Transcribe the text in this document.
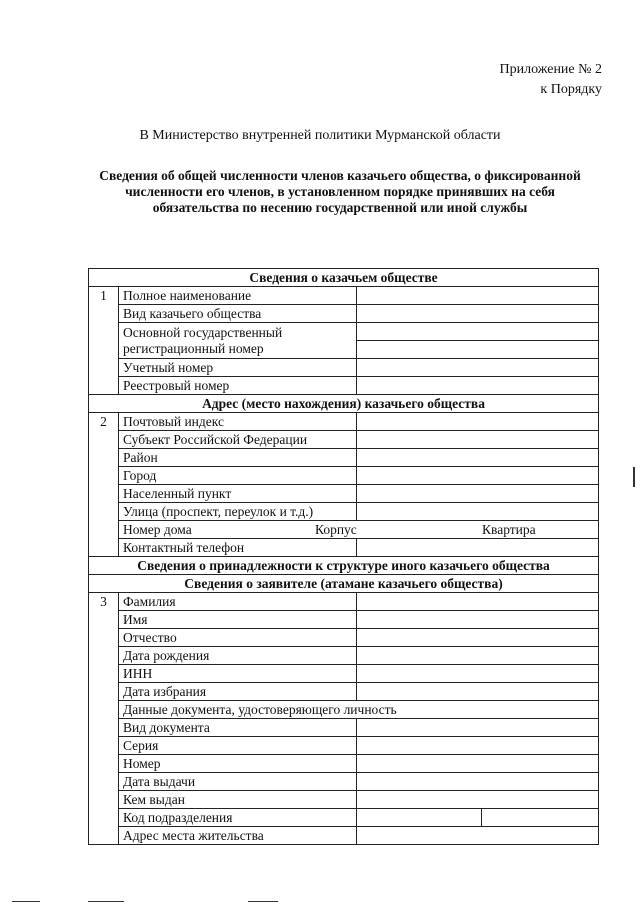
Приложение № 2
к Порядку
В Министерство внутренней политики Мурманской области
Сведения об общей численности членов казачьего общества, о фиксированной численности его членов, в установленном порядке принявших на себя обязательства по несению государственной или иной службы
Сведения о казачьем обществе			
1	Полное наименование		
	Вид казачьего общества		
	Основной государственный регистрационный номер		

	Учетный номер		
	Реестровый номер		
Адрес (место нахождения) казачьего общества			
2	Почтовый индекс		
	Субъект Российской Федерации		
	Район		
	Город		
	Населенный пункт		
	Улица (проспект, переулок и т.д.)		

	Номер дома Корпус Квартира		

	Контактный телефон		
Сведения о принадлежности к структуре иного казачьего общества			
Сведения о заявителе (атамане казачьего общества)			
3	Фамилия		
	Имя		
	Отчество		
	Дата рождения		
	ИНН		
	Дата избрания		
	Данные документа, удостоверяющего личность		
	Вид документа		
	Серия		
	Номер		
	Дата выдачи		
	Кем выдан		
	Код подразделения		
	Адрес места жительства		
